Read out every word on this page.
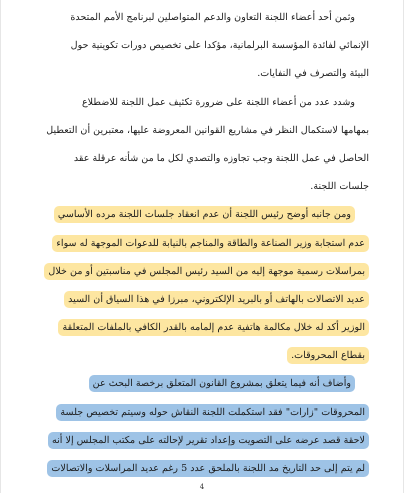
وثمن أحد أعضاء اللجنة التعاون والدعم المتواصلين لبرنامج الأمم المتحدة
الإنمائي لفائدة المؤسسة البرلمانية، مؤكدا على تخصيص دورات تكوينية حول
البيئة والتصرف في النفايات.
وشدد عدد من أعضاء اللجنة على ضرورة تكثيف عمل اللجنة للاضطلاع
بمهامها لاستكمال النظر في مشاريع القوانين المعروضة عليها، معتبرين أن التعطيل
الحاصل في عمل اللجنة وجب تجاوزه والتصدي لكل ما من شأنه عرقلة عقد
جلسات اللجنة.
ومن جانبه أوضح رئيس اللجنة أن عدم انعقاد جلسات اللجنة مرده الأساسي
عدم استجابة وزير الصناعة والطاقة والمناجم بالنيابة للدعوات الموجهة له سواء
بمراسلات رسمية موجهة إليه من السيد رئيس المجلس في مناسبتين أو من خلال
عديد الاتصالات بالهاتف أو بالبريد الإلكتروني، مبرزا في هذا السياق أن السيد
الوزير أكد له خلال مكالمة هاتفية عدم إلمامه بالقدر الكافي بالملفات المتعلقة
بقطاع المحروقات.
وأضاف أنه فيما يتعلق بمشروع القانون المتعلق برخصة البحث عن
المحروقات "زارات" فقد استكملت اللجنة النقاش حوله وسيتم تخصيص جلسة
لاحقة قصد عرضه على التصويت وإعداد تقرير لإحالته على مكتب المجلس إلا أنه
لم يتم إلى حد التاريخ مد اللجنة بالملحق عدد 5 رغم عديد المراسلات والاتصالات
4
